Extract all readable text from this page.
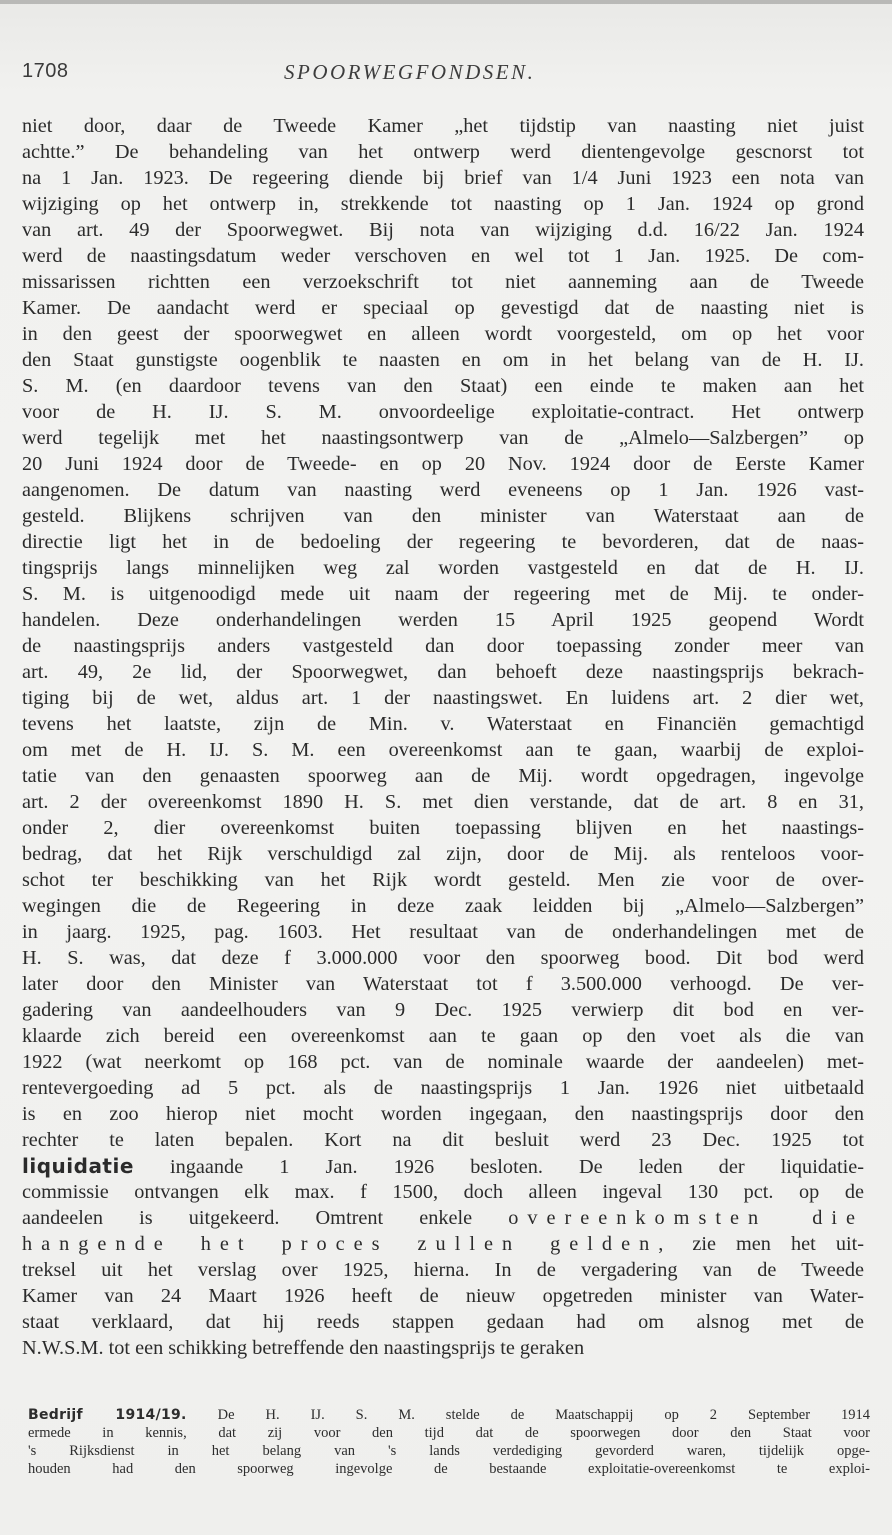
1708	SPOORWEGFONDSEN.
niet door, daar de Tweede Kamer „het tijdstip van naasting niet juist
achtte.” De behandeling van het ontwerp werd dientengevolge gescnorst tot
na 1 Jan. 1923. De regeering diende bij brief van 1/4 Juni 1923 een nota van
wijziging op het ontwerp in, strekkende tot naasting op 1 Jan. 1924 op grond
van art. 49 der Spoorwegwet. Bij nota van wijziging d.d. 16/22 Jan. 1924
werd de naastingsdatum weder verschoven en wel tot 1 Jan. 1925. De com-
missarissen richtten een verzoekschrift tot niet aanneming aan de Tweede
Kamer. De aandacht werd er speciaal op gevestigd dat de naasting niet is
in den geest der spoorwegwet en alleen wordt voorgesteld, om op het voor
den Staat gunstigste oogenblik te naasten en om in het belang van de H. IJ.
S. M. (en daardoor tevens van den Staat) een einde te maken aan het
voor de H. IJ. S. M. onvoordeelige exploitatie-contract. Het ontwerp
werd tegelijk met het naastingsontwerp van de „Almelo—Salzbergen” op
20 Juni 1924 door de Tweede- en op 20 Nov. 1924 door de Eerste Kamer
aangenomen. De datum van naasting werd eveneens op 1 Jan. 1926 vast-
gesteld. Blijkens schrijven van den minister van Waterstaat aan de
directie ligt het in de bedoeling der regeering te bevorderen, dat de naas-
tingsprijs langs minnelijken weg zal worden vastgesteld en dat de H. IJ.
S. M. is uitgenoodigd mede uit naam der regeering met de Mij. te onder-
handelen. Deze onderhandelingen werden 15 April 1925 geopend Wordt
de naastingsprijs anders vastgesteld dan door toepassing zonder meer van
art. 49, 2e lid, der Spoorwegwet, dan behoeft deze naastingsprijs bekrach-
tiging bij de wet, aldus art. 1 der naastingswet. En luidens art. 2 dier wet,
tevens het laatste, zijn de Min. v. Waterstaat en Financiën gemachtigd
om met de H. IJ. S. M. een overeenkomst aan te gaan, waarbij de exploi-
tatie van den genaasten spoorweg aan de Mij. wordt opgedragen, ingevolge
art. 2 der overeenkomst 1890 H. S. met dien verstande, dat de art. 8 en 31,
onder 2, dier overeenkomst buiten toepassing blijven en het naastings-
bedrag, dat het Rijk verschuldigd zal zijn, door de Mij. als renteloos voor-
schot ter beschikking van het Rijk wordt gesteld. Men zie voor de over-
wegingen die de Regeering in deze zaak leidden bij „Almelo—Salzbergen”
in jaarg. 1925, pag. 1603. Het resultaat van de onderhandelingen met de
H. S. was, dat deze f 3.000.000 voor den spoorweg bood. Dit bod werd
later door den Minister van Waterstaat tot f 3.500.000 verhoogd. De ver-
gadering van aandeelhouders van 9 Dec. 1925 verwierp dit bod en ver-
klaarde zich bereid een overeenkomst aan te gaan op den voet als die van
1922 (wat neerkomt op 168 pct. van de nominale waarde der aandeelen) met-
rentevergoeding ad 5 pct. als de naastingsprijs 1 Jan. 1926 niet uitbetaald
is en zoo hierop niet mocht worden ingegaan, den naastingsprijs door den
rechter te laten bepalen. Kort na dit besluit werd 23 Dec. 1925 tot
liquidatie ingaande 1 Jan. 1926 besloten. De leden der liquidatie-
commissie ontvangen elk max. f 1500, doch alleen ingeval 130 pct. op de
aandeelen is uitgekeerd. Omtrent enkele overeenkomsten die
hangende het proces zullen gelden, zie men het uit-
treksel uit het verslag over 1925, hierna. In de vergadering van de Tweede
Kamer van 24 Maart 1926 heeft de nieuw opgetreden minister van Water-
staat verklaard, dat hij reeds stappen gedaan had om alsnog met de
N.W.S.M. tot een schikking betreffende den naastingsprijs te geraken
Bedrijf 1914/19. De H. IJ. S. M. stelde de Maatschappij op 2 September 1914
ermede in kennis, dat zij voor den tijd dat de spoorwegen door den Staat voor
's Rijksdienst in het belang van 's lands verdediging gevorderd waren, tijdelijk opge-
houden had den spoorweg ingevolge de bestaande exploitatie-overeenkomst te exploi-
